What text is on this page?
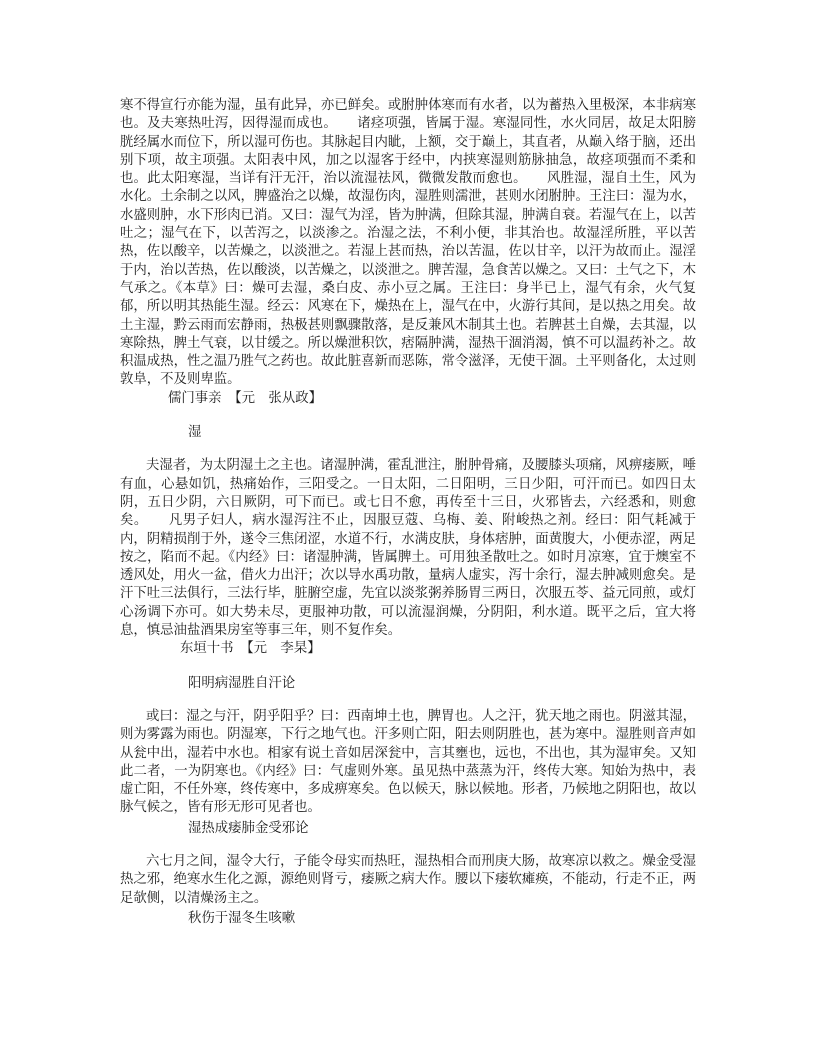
寒不得宣行亦能为湿，虽有此异，亦已鲜矣。或胕肿体寒而有水者，以为蓄热入里极深，本非病寒也。及夫寒热吐泻，因得湿而成也。　　诸痉项强，皆属于湿。寒湿同性，水火同居，故足太阳膀胱经属水而位下，所以湿可伤也。其脉起目内眦，上额，交于巅上，其直者，从巅入络于脑，还出别下项，故主项强。太阳表中风，加之以湿客于经中，内挟寒湿则筋脉抽急，故痉项强而不柔和也。此太阳寒湿，当详有汗无汗，治以流湿祛风，微微发散而愈也。　　风胜湿，湿自土生，风为水化。土余制之以风，脾盛治之以燥，故湿伤肉，湿胜则濡泄，甚则水闭胕肿。王注曰：湿为水，水盛则肿，水下形肉已消。又曰：湿气为淫，皆为肿满，但除其湿，肿满自衰。若湿气在上，以苦吐之；湿气在下，以苦泻之，以淡渗之。治湿之法，不利小便，非其治也。故湿淫所胜，平以苦热，佐以酸辛，以苦燥之，以淡泄之。若湿上甚而热，治以苦温，佐以甘辛，以汗为故而止。湿淫于内，治以苦热，佐以酸淡，以苦燥之，以淡泄之。脾苦湿，急食苦以燥之。又曰：土气之下，木气承之。《本草》曰：燥可去湿，桑白皮、赤小豆之属。王注曰：身半已上，湿气有余，火气复郁，所以明其热能生湿。经云：风寒在下，燥热在上，湿气在中，火游行其间，是以热之用矣。故土主湿，黔云雨而宏静雨，热极甚则飘骤散落，是反兼风木制其土也。若脾甚土自燥，去其湿，以寒除热，脾土气衰，以甘缓之。所以燥泄积饮，痞隔肿满，湿热干涸消渴，慎不可以温药补之。故积温成热，性之温乃胜气之药也。故此脏喜新而恶陈，常令滋泽，无使干涸。土平则备化，太过则敦阜，不及则卑监。

儒门事亲　【元　张从政】

湿

夫湿者，为太阴湿土之主也。诸湿肿满，霍乱泄注，胕肿骨痛，及腰膝头项痛，风痹痿厥，唾有血，心悬如饥，热痛始作，三阳受之。一日太阳，二日阳明，三日少阳，可汗而已。如四日太阴，五日少阴，六日厥阴，可下而已。或七日不愈，再传至十三日，火邪皆去，六经悉和，则愈矣。　　凡男子妇人，病水湿泻注不止，因服豆蔻、乌梅、姜、附峻热之剂。经曰：阳气耗减于内，阴精损削于外，遂令三焦闭涩，水道不行，水满皮肤，身体痞肿，面黄腹大，小便赤涩，两足按之，陷而不起。《内经》曰：诸湿肿满，皆属脾土。可用独圣散吐之。如时月凉寒，宜于燠室不透风处，用火一盆，借火力出汗；次以导水禹功散，量病人虚实，泻十余行，湿去肿减则愈矣。是汗下吐三法俱行，三法行毕，脏腑空虚，先宜以淡浆粥养肠胃三两日，次服五苓、益元同煎，或灯心汤调下亦可。如大势未尽，更服神功散，可以流湿润燥，分阴阳，利水道。既平之后，宜大将息，慎忌油盐酒果房室等事三年，则不复作矣。

东垣十书　【元　李杲】

阳明病湿胜自汗论

或曰：湿之与汗，阴乎阳乎？曰：西南坤土也，脾胃也。人之汗，犹天地之雨也。阴滋其湿，则为雾露为雨也。阴湿寒，下行之地气也。汗多则亡阳，阳去则阴胜也，甚为寒中。湿胜则音声如从瓮中出，湿若中水也。相家有说土音如居深瓮中，言其壅也，远也，不出也，其为湿审矣。又知此二者，一为阴寒也。《内经》曰：气虚则外寒。虽见热中蒸蒸为汗，终传大寒。知始为热中，表虚亡阳，不任外寒，终传寒中，多成痹寒矣。色以候天，脉以候地。形者，乃候地之阴阳也，故以脉气候之，皆有形无形可见者也。

湿热成痿肺金受邪论

六七月之间，湿令大行，子能令母实而热旺，湿热相合而刑庚大肠，故寒凉以救之。燥金受湿热之邪，绝寒水生化之源，源绝则肾亏，痿厥之病大作。腰以下痿软瘫痪，不能动，行走不正，两足欹侧，以清燥汤主之。

秋伤于湿冬生咳嗽
